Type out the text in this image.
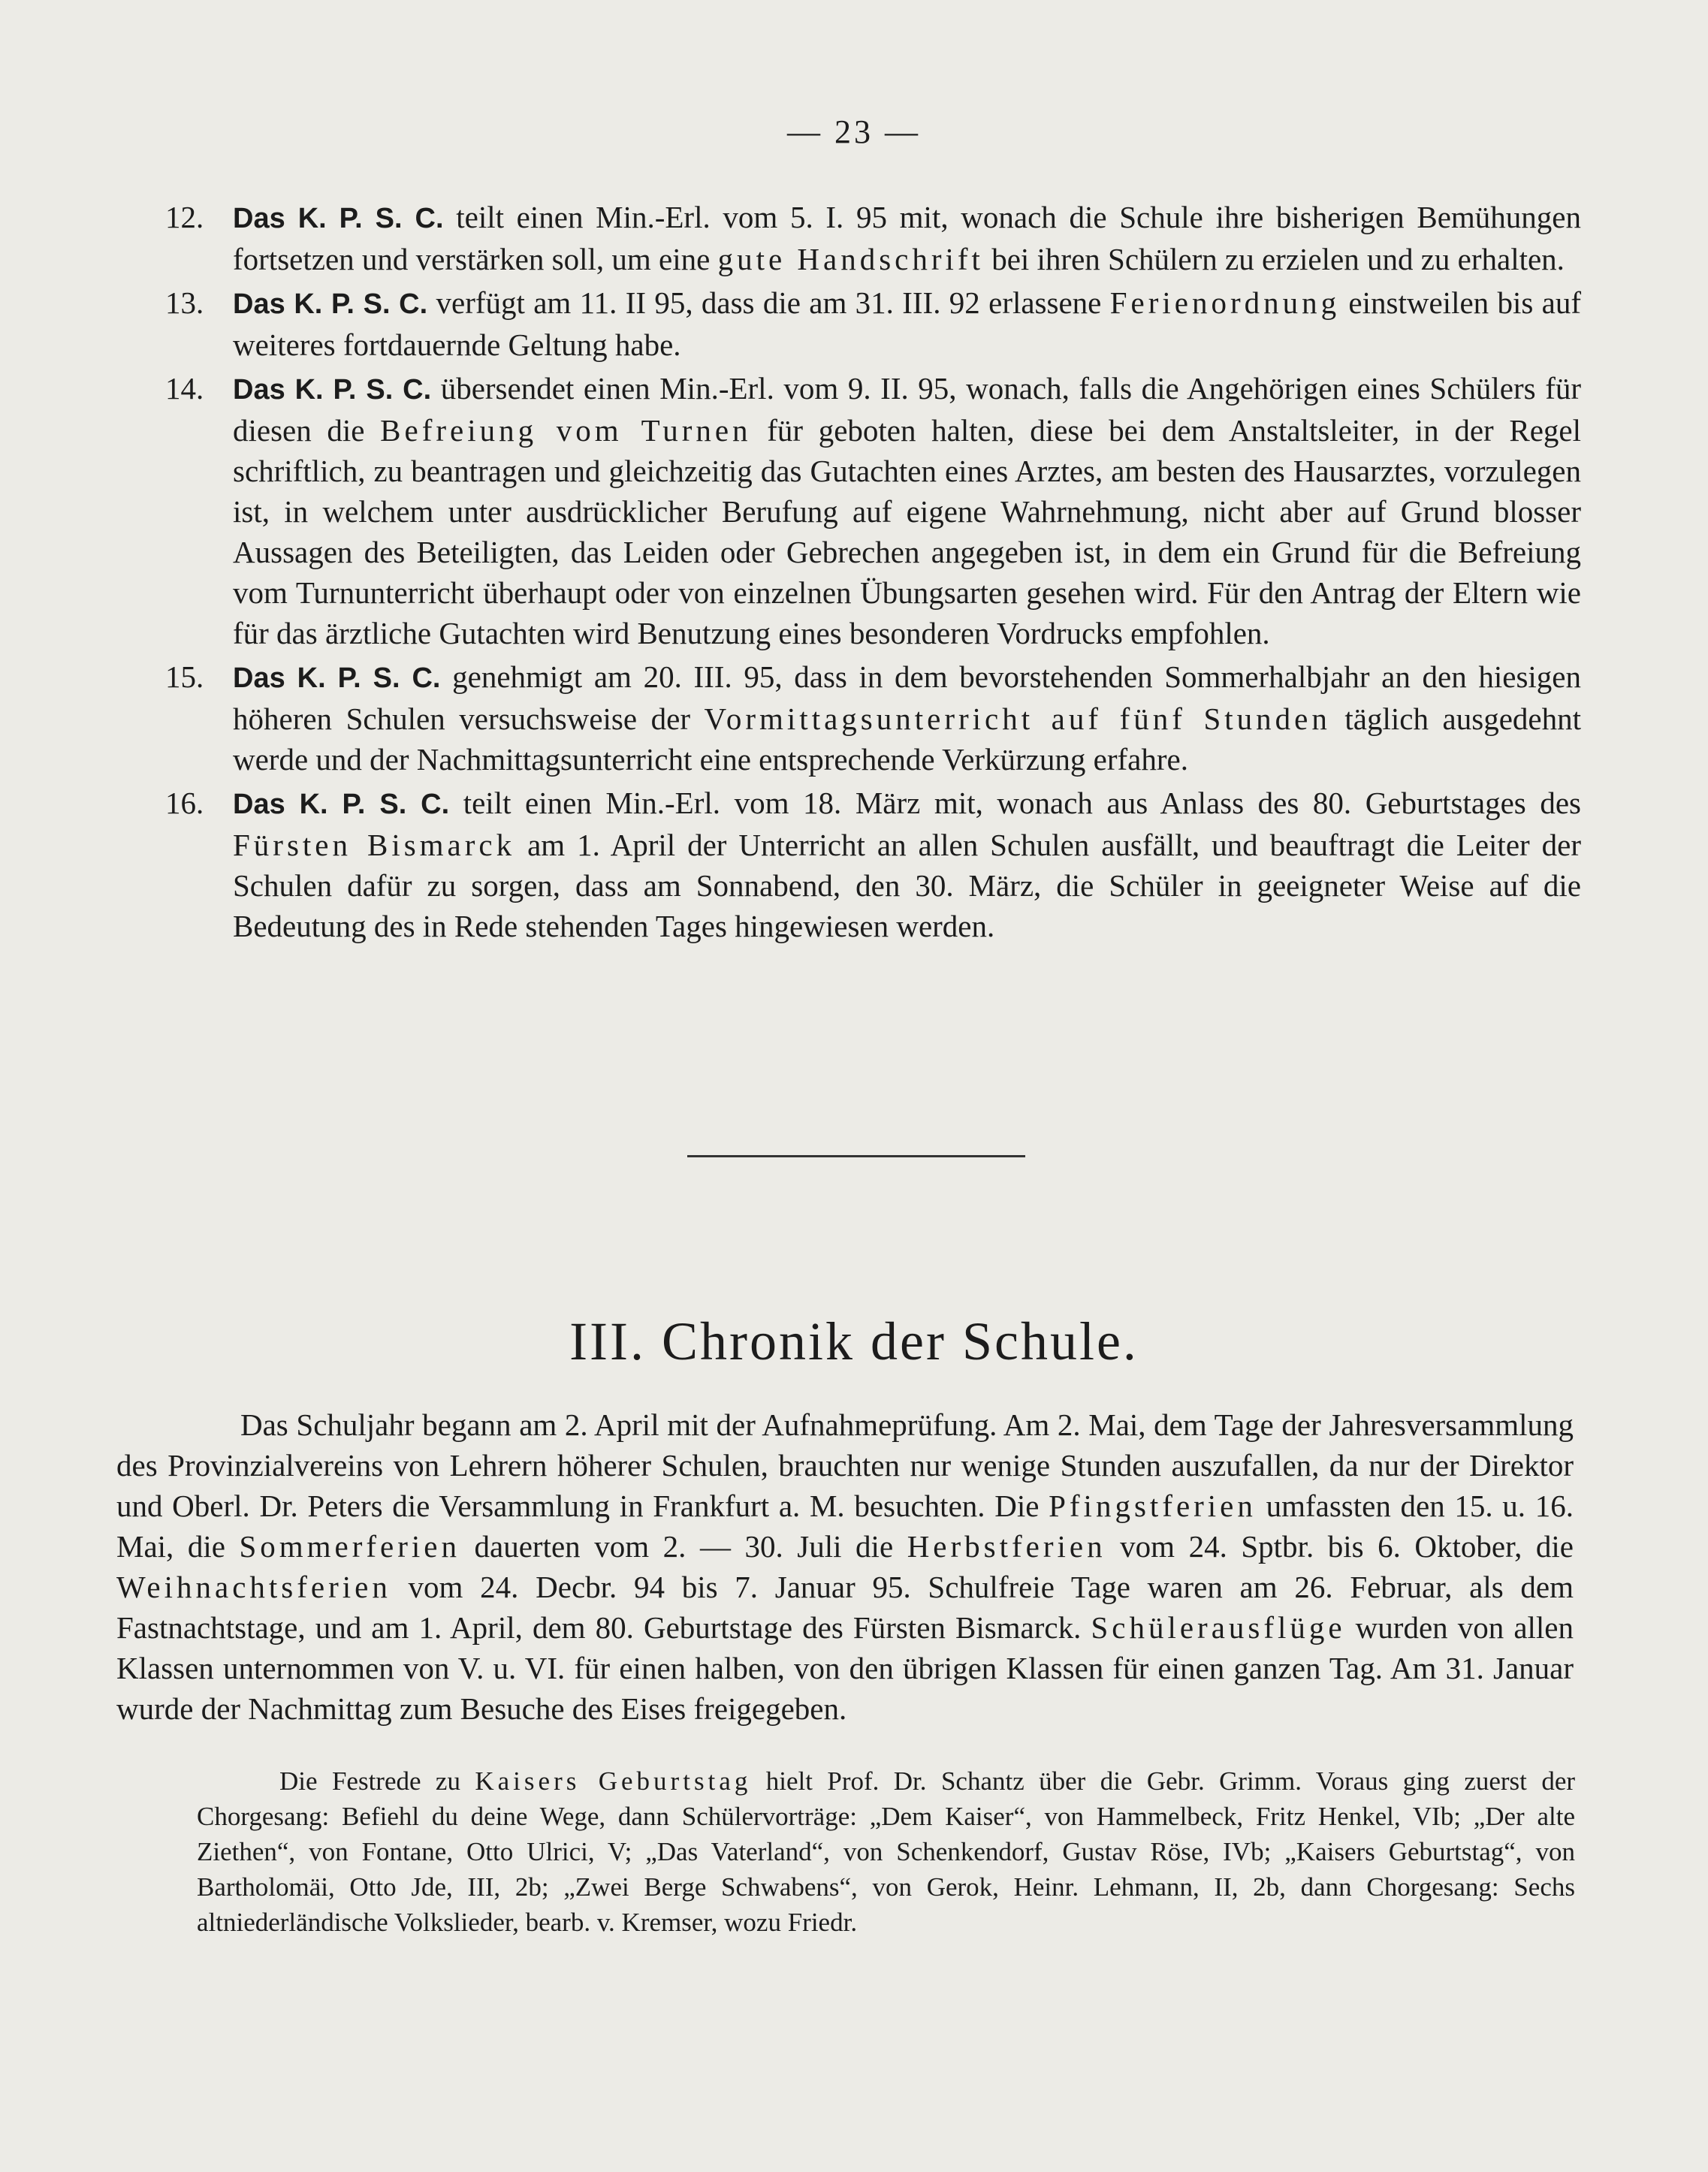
— 23 —
12.	Das K. P. S. C. teilt einen Min.-Erl. vom 5. I. 95 mit, wonach die Schule ihre bisherigen Bemühungen fortsetzen und verstärken soll, um eine gute Handschrift bei ihren Schülern zu erzielen und zu erhalten.
13.	Das K. P. S. C. verfügt am 11. II 95, dass die am 31. III. 92 erlassene Ferienordnung einstweilen bis auf weiteres fortdauernde Geltung habe.
14.	Das K. P. S. C. übersendet einen Min.-Erl. vom 9. II. 95, wonach, falls die Angehörigen eines Schülers für diesen die Befreiung vom Turnen für geboten halten, diese bei dem Anstaltsleiter, in der Regel schriftlich, zu beantragen und gleichzeitig das Gutachten eines Arztes, am besten des Hausarztes, vorzulegen ist, in welchem unter ausdrücklicher Berufung auf eigene Wahrnehmung, nicht aber auf Grund blosser Aussagen des Beteiligten, das Leiden oder Gebrechen angegeben ist, in dem ein Grund für die Befreiung vom Turnunterricht überhaupt oder von einzelnen Übungsarten gesehen wird. Für den Antrag der Eltern wie für das ärztliche Gutachten wird Benutzung eines besonderen Vordrucks empfohlen.
15.	Das K. P. S. C. genehmigt am 20. III. 95, dass in dem bevorstehenden Sommerhalbjahr an den hiesigen höheren Schulen versuchsweise der Vormittagsunterricht auf fünf Stunden täglich ausgedehnt werde und der Nachmittagsunterricht eine entsprechende Verkürzung erfahre.
16.	Das K. P. S. C. teilt einen Min.-Erl. vom 18. März mit, wonach aus Anlass des 80. Geburtstages des Fürsten Bismarck am 1. April der Unterricht an allen Schulen ausfällt, und beauftragt die Leiter der Schulen dafür zu sorgen, dass am Sonnabend, den 30. März, die Schüler in geeigneter Weise auf die Bedeutung des in Rede stehenden Tages hingewiesen werden.
III. Chronik der Schule.

Das Schuljahr begann am 2. April mit der Aufnahmeprüfung. Am 2. Mai, dem Tage der Jahresversammlung des Provinzialvereins von Lehrern höherer Schulen, brauchten nur wenige Stunden auszufallen, da nur der Direktor und Oberl. Dr. Peters die Versammlung in Frankfurt a. M. besuchten. Die Pfingstferien umfassten den 15. u. 16. Mai, die Sommerferien dauerten vom 2. — 30. Juli die Herbstferien vom 24. Sptbr. bis 6. Oktober, die Weihnachtsferien vom 24. Decbr. 94 bis 7. Januar 95. Schulfreie Tage waren am 26. Februar, als dem Fastnachtstage, und am 1. April, dem 80. Geburtstage des Fürsten Bismarck. Schülerausflüge wurden von allen Klassen unternommen von V. u. VI. für einen halben, von den übrigen Klassen für einen ganzen Tag. Am 31. Januar wurde der Nachmittag zum Besuche des Eises freigegeben.

Die Festrede zu Kaisers Geburtstag hielt Prof. Dr. Schantz über die Gebr. Grimm. Voraus ging zuerst der Chorgesang: Befiehl du deine Wege, dann Schülervorträge: „Dem Kaiser“, von Hammelbeck, Fritz Henkel, VIb; „Der alte Ziethen“, von Fontane, Otto Ulrici, V; „Das Vaterland“, von Schenkendorf, Gustav Röse, IVb; „Kaisers Geburtstag“, von Bartholomäi, Otto Jde, III, 2b; „Zwei Berge Schwabens“, von Gerok, Heinr. Lehmann, II, 2b, dann Chorgesang: Sechs altniederländische Volkslieder, bearb. v. Kremser, wozu Friedr.
